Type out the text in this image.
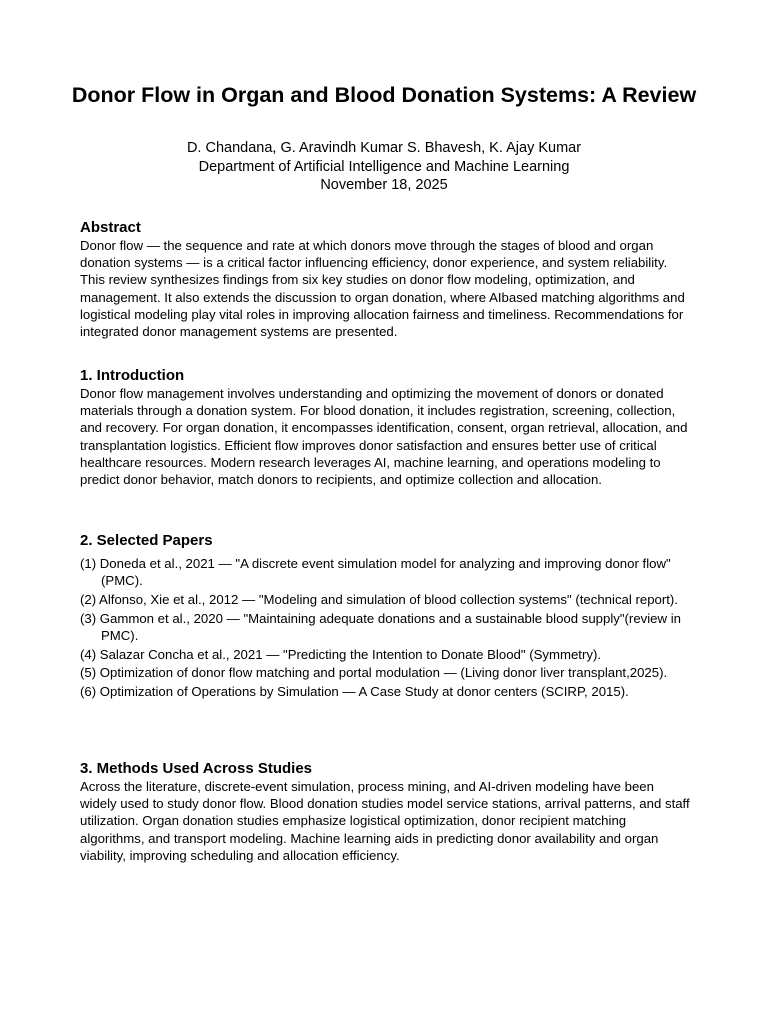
Donor Flow in Organ and Blood Donation Systems: A Review

D. Chandana, G. Aravindh Kumar S. Bhavesh, K. Ajay Kumar

Department of Artificial Intelligence and Machine Learning

November 18, 2025

Abstract

Donor flow — the sequence and rate at which donors move through the stages of blood and organ donation systems — is a critical factor influencing efficiency, donor experience, and system reliability. This review synthesizes findings from six key studies on donor flow modeling, optimization, and management. It also extends the discussion to organ donation, where AIbased matching algorithms and logistical modeling play vital roles in improving allocation fairness and timeliness. Recommendations for integrated donor management systems are presented.

1. Introduction

Donor flow management involves understanding and optimizing the movement of donors or donated materials through a donation system. For blood donation, it includes registration, screening, collection, and recovery. For organ donation, it encompasses identification, consent, organ retrieval, allocation, and transplantation logistics. Efficient flow improves donor satisfaction and ensures better use of critical healthcare resources. Modern research leverages AI, machine learning, and operations modeling to predict donor behavior, match donors to recipients, and optimize collection and allocation.

2. Selected Papers
(1) Doneda et al., 2021 — "A discrete event simulation model for analyzing and improving donor flow" (PMC).
(2) Alfonso, Xie et al., 2012 — "Modeling and simulation of blood collection systems" (technical report).
(3) Gammon et al., 2020 — "Maintaining adequate donations and a sustainable blood supply"(review in PMC).
(4) Salazar Concha et al., 2021 — "Predicting the Intention to Donate Blood" (Symmetry).
(5) Optimization of donor flow matching and portal modulation — (Living donor liver transplant,2025).
(6) Optimization of Operations by Simulation — A Case Study at donor centers (SCIRP, 2015).
3. Methods Used Across Studies

Across the literature, discrete-event simulation, process mining, and AI-driven modeling have been widely used to study donor flow. Blood donation studies model service stations, arrival patterns, and staff utilization. Organ donation studies emphasize logistical optimization, donor recipient matching algorithms, and transport modeling. Machine learning aids in predicting donor availability and organ viability, improving scheduling and allocation efficiency.
